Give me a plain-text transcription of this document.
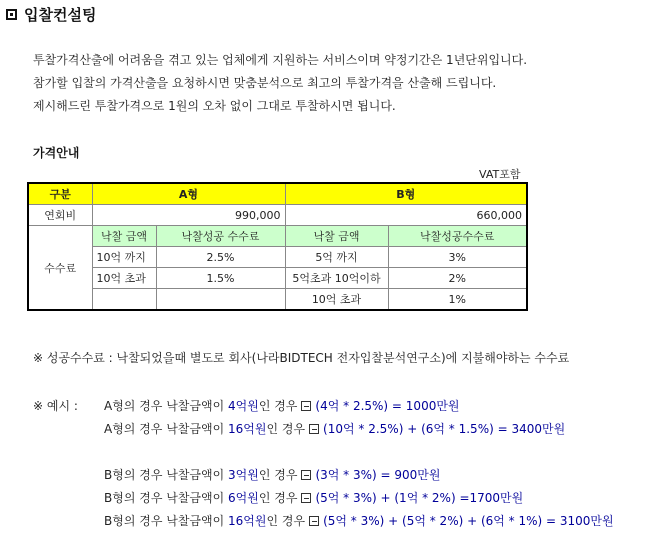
입찰컨설팅
투찰가격산출에 어려움을 겪고 있는 업체에게 지원하는 서비스이며 약정기간은 1년단위입니다.
참가할 입찰의 가격산출을 요청하시면 맞춤분석으로 최고의 투찰가격을 산출해 드립니다.
제시해드린 투찰가격으로 1원의 오차 없이 그대로 투찰하시면 됩니다.
가격안내
VAT포함
구분	A형		B형	
연회비	990,000		660,000	
수수료	낙찰 금액	낙찰성공 수수료	낙찰 금액	낙찰성공수수료
	10억 까지	2.5%	5억 까지	3%
	10억 초과	1.5%	5억초과 10억이하	2%
			10억 초과	1%
※ 성공수수료 : 낙찰되었을때 별도로 회사(나라BIDTECH 전자입찰분석연구소)에 지불해야하는 수수료
※ 예시 : A형의 경우 낙찰금액이 4억원인 경우 (4억 * 2.5%) = 1000만원
A형의 경우 낙찰금액이 16억원인 경우 (10억 * 2.5%) + (6억 * 1.5%) = 3400만원
B형의 경우 낙찰금액이 3억원인 경우 (3억 * 3%) = 900만원
B형의 경우 낙찰금액이 6억원인 경우 (5억 * 3%) + (1억 * 2%) =1700만원
B형의 경우 낙찰금액이 16억원인 경우 (5억 * 3%) + (5억 * 2%) + (6억 * 1%) = 3100만원
